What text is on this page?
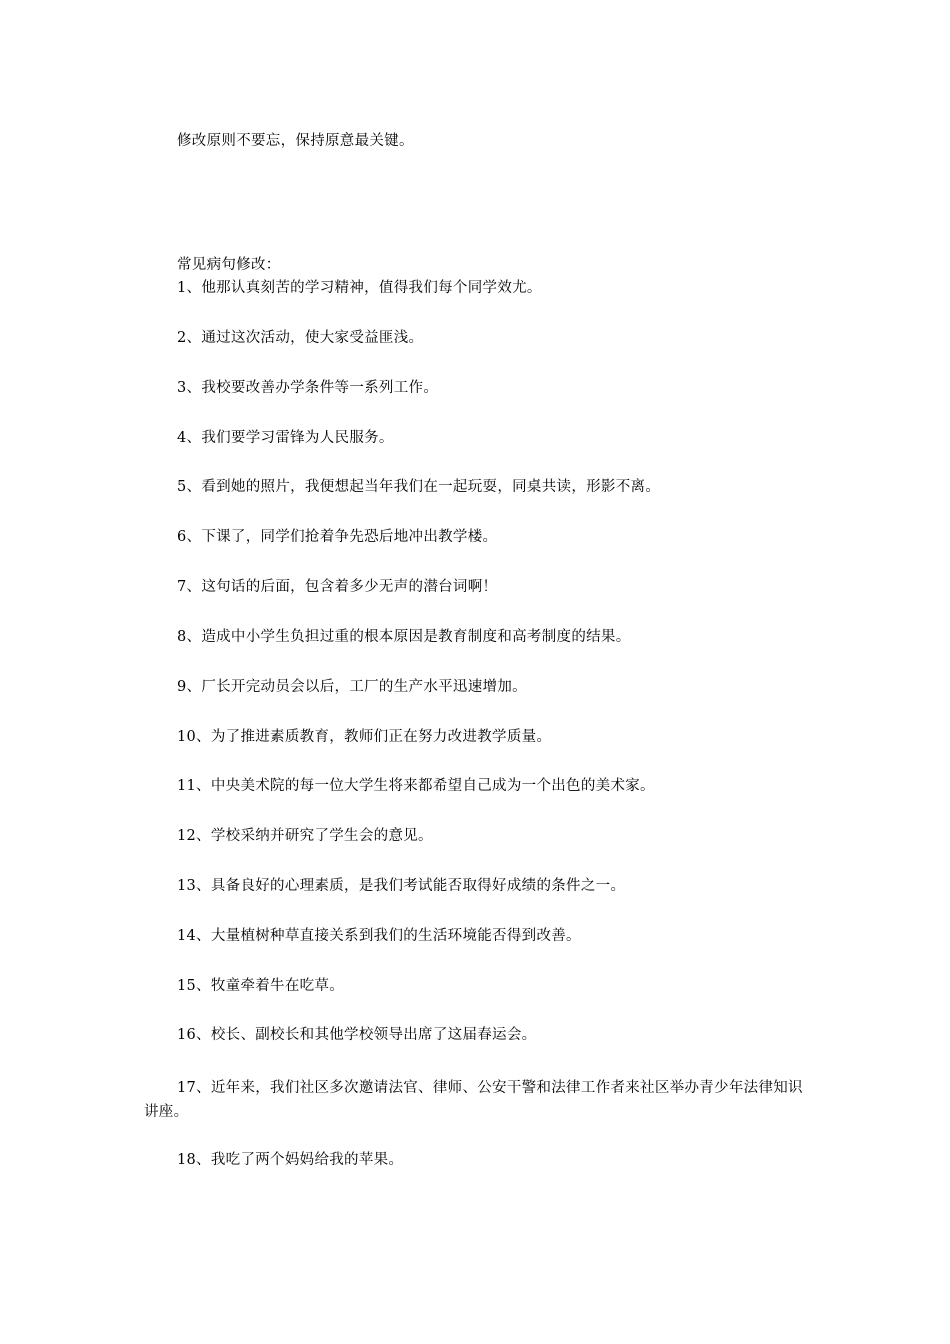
修改原则不要忘，保持原意最关键。
常见病句修改：
1、他那认真刻苦的学习精神，值得我们每个同学效尤。
2、通过这次活动，使大家受益匪浅。
3、我校要改善办学条件等一系列工作。
4、我们要学习雷锋为人民服务。
5、看到她的照片，我便想起当年我们在一起玩耍，同桌共读，形影不离。
6、下课了，同学们抢着争先恐后地冲出教学楼。
7、这句话的后面，包含着多少无声的潜台词啊！
8、造成中小学生负担过重的根本原因是教育制度和高考制度的结果。
9、厂长开完动员会以后，工厂的生产水平迅速增加。
10、为了推进素质教育，教师们正在努力改进教学质量。
11、中央美术院的每一位大学生将来都希望自己成为一个出色的美术家。
12、学校采纳并研究了学生会的意见。
13、具备良好的心理素质，是我们考试能否取得好成绩的条件之一。
14、大量植树种草直接关系到我们的生活环境能否得到改善。
15、牧童牵着牛在吃草。
16、校长、副校长和其他学校领导出席了这届春运会。
17、近年来，我们社区多次邀请法官、律师、公安干警和法律工作者来社区举办青少年法律知识讲座。
18、我吃了两个妈妈给我的苹果。
